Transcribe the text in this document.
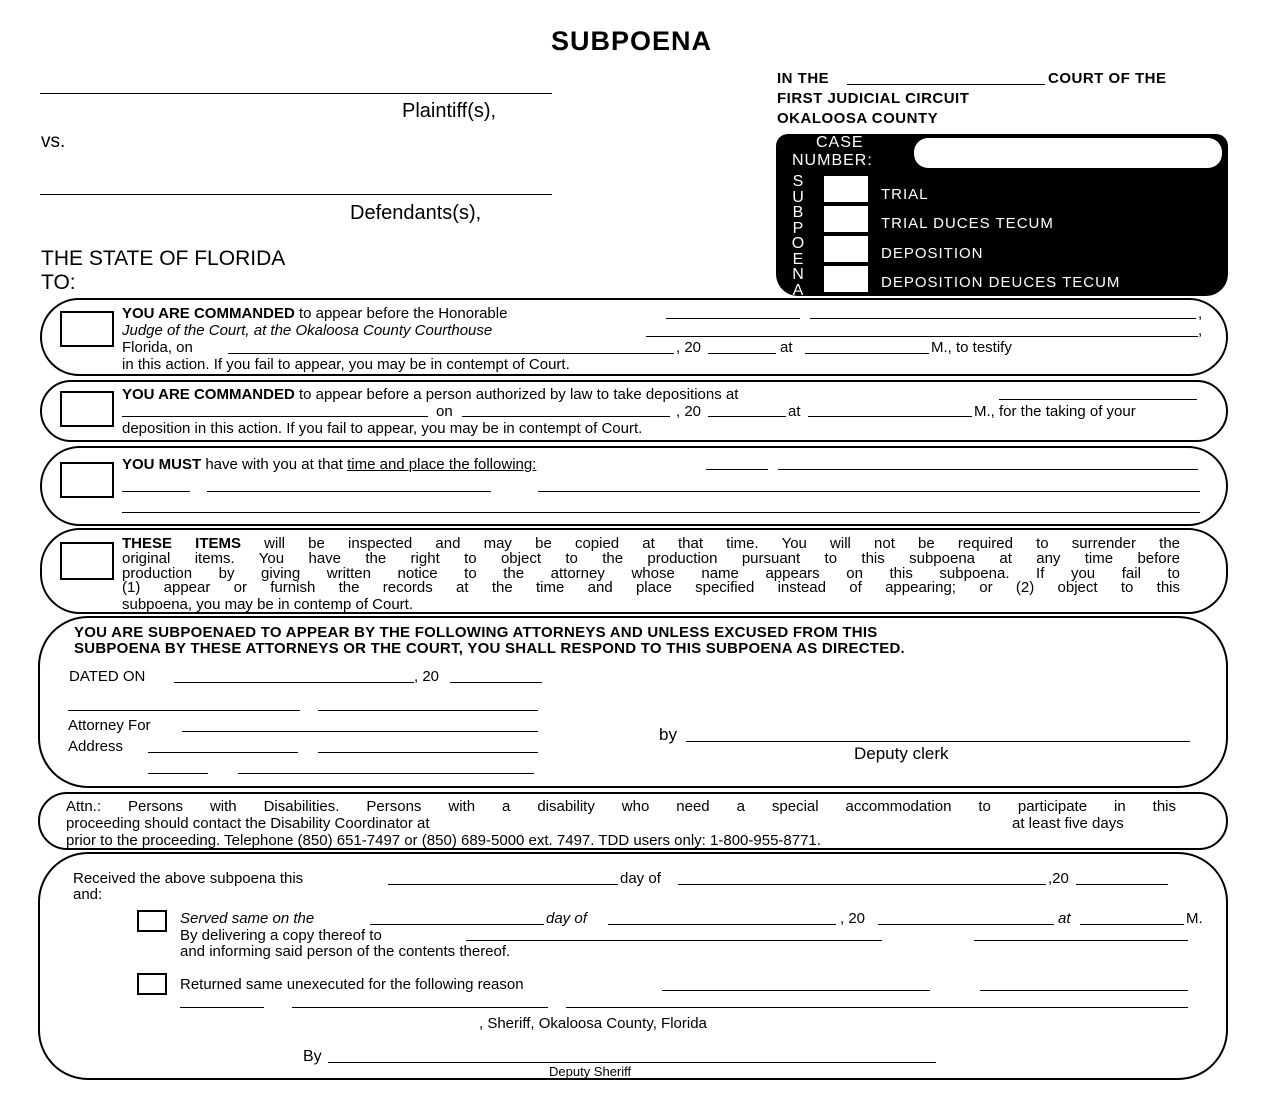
SUBPOENA
Plaintiff(s),
vs.
Defendants(s),
THE STATE OF FLORIDA
TO:
IN THE	COURT OF THE
FIRST JUDICIAL CIRCUIT
OKALOOSA COUNTY
CASE
NUMBER:
S
U
B
P
O
E
N
A
TRIAL
TRIAL DUCES TECUM
DEPOSITION
DEPOSITION DEUCES TECUM
YOU ARE COMMANDED to appear before the Honorable	,
Judge of the Court, at the Okaloosa County Courthouse	,
Florida, on	, 20	at	M., to testify
in this action. If you fail to appear, you may be in contempt of Court.
YOU ARE COMMANDED to appear before a person authorized by law to take depositions at
on	, 20	at	M., for the taking of your
deposition in this action. If you fail to appear, you may be in contempt of Court.
YOU MUST have with you at that time and place the following:
THESE ITEMS will be inspected and may be copied at that time. You will not be required to surrender the
original items. You have the right to object to the production pursuant to this subpoena at any time before
production by giving written notice to the attorney whose name appears on this subpoena. If you fail to
(1) appear or furnish the records at the time and place specified instead of appearing; or (2) object to this
subpoena, you may be in contemp of Court.
YOU ARE SUBPOENAED TO APPEAR BY THE FOLLOWING ATTORNEYS AND UNLESS EXCUSED FROM THIS
SUBPOENA BY THESE ATTORNEYS OR THE COURT, YOU SHALL RESPOND TO THIS SUBPOENA AS DIRECTED.
DATED ON	, 20
Attorney For
Address
by
Deputy clerk
Attn.: Persons with Disabilities. Persons with a disability who need a special accommodation to participate in this
proceeding should contact the Disability Coordinator at	at least five days
prior to the proceeding. Telephone (850) 651-7497 or (850) 689-5000 ext. 7497. TDD users only: 1-800-955-8771.
Received the above subpoena this	day of	,20
and:
Served same on the	day of	, 20	at	M.
By delivering a copy thereof to
and informing said person of the contents thereof.
Returned same unexecuted for the following reason
, Sheriff, Okaloosa County, Florida
By
Deputy Sheriff
